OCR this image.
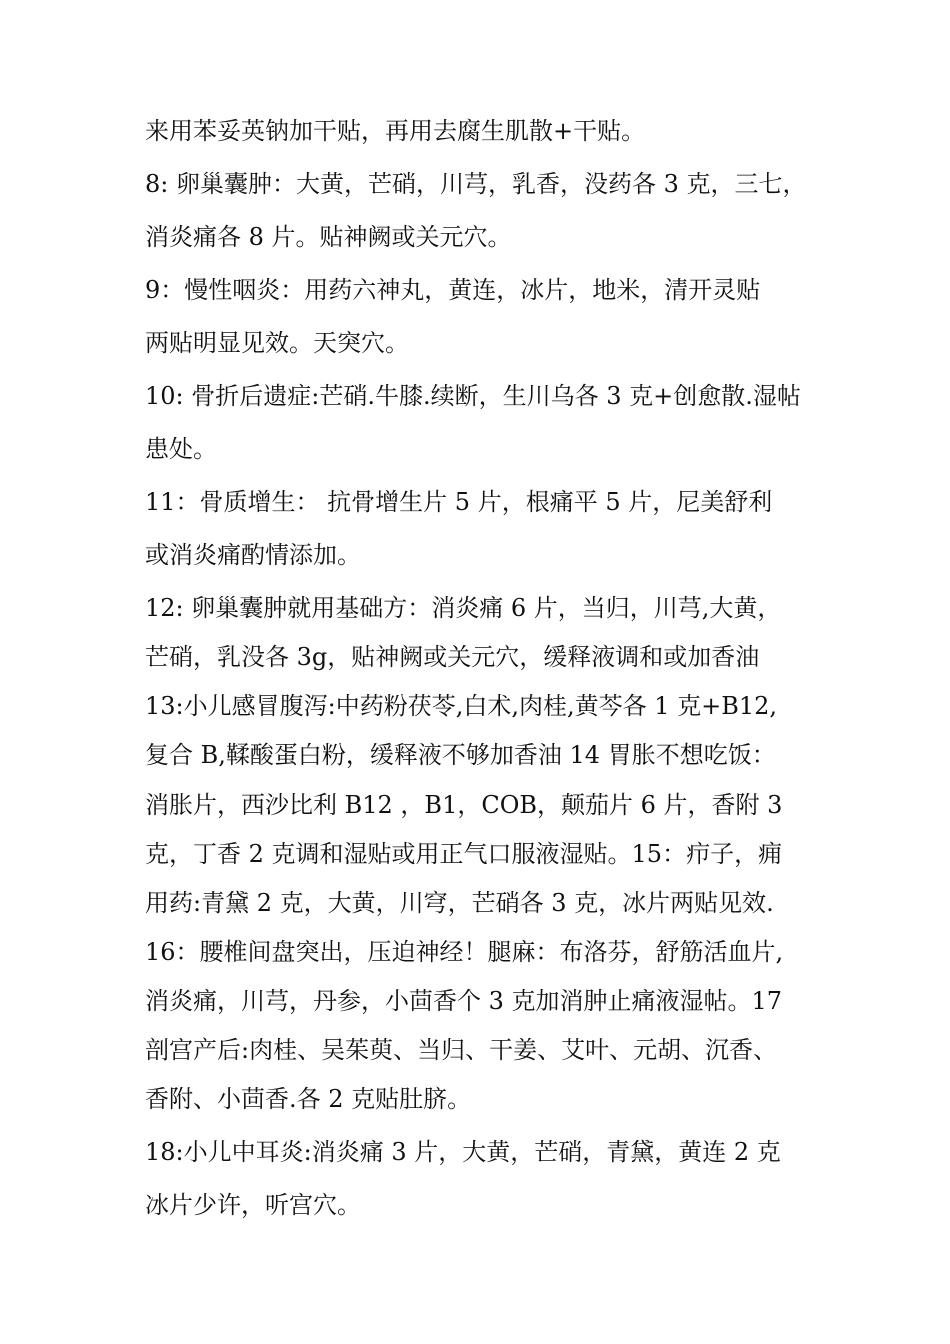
来用苯妥英钠加干贴，再用去腐生肌散+干贴。
8: 卵巢囊肿：大黄，芒硝，川芎，乳香，没药各 3 克，三七，
消炎痛各 8 片。贴神阙或关元穴。
9：慢性咽炎：用药六神丸，黄连，冰片，地米，清开灵贴
两贴明显见效。天突穴。
10: 骨折后遗症:芒硝.牛膝.续断，生川乌各 3 克+创愈散.湿帖
患处。
11：骨质增生： 抗骨增生片 5 片，根痛平 5 片，尼美舒利
或消炎痛酌情添加。
12: 卵巢囊肿就用基础方：消炎痛 6 片，当归，川芎,大黄，
芒硝，乳没各 3g，贴神阙或关元穴，缓释液调和或加香油
13:小儿感冒腹泻:中药粉茯苓,白术,肉桂,黄芩各 1 克+B12,
复合 B,鞣酸蛋白粉，缓释液不够加香油 14 胃胀不想吃饭：
消胀片，西沙比利 B12 ，B1，COB，颠茄片 6 片，香附 3
克，丁香 2 克调和湿贴或用正气口服液湿贴。15：疖子，痈
用药:青黛 2 克，大黄，川穹，芒硝各 3 克，冰片两贴见效.
16：腰椎间盘突出，压迫神经！腿麻：布洛芬，舒筋活血片,
消炎痛，川芎，丹参，小茴香个 3 克加消肿止痛液湿帖。17
剖宫产后:肉桂、吴茱萸、当归、干姜、艾叶、元胡、沉香、
香附、小茴香.各 2 克贴肚脐。
18:小儿中耳炎:消炎痛 3 片，大黄，芒硝，青黛，黄连 2 克
冰片少许，听宫穴。
